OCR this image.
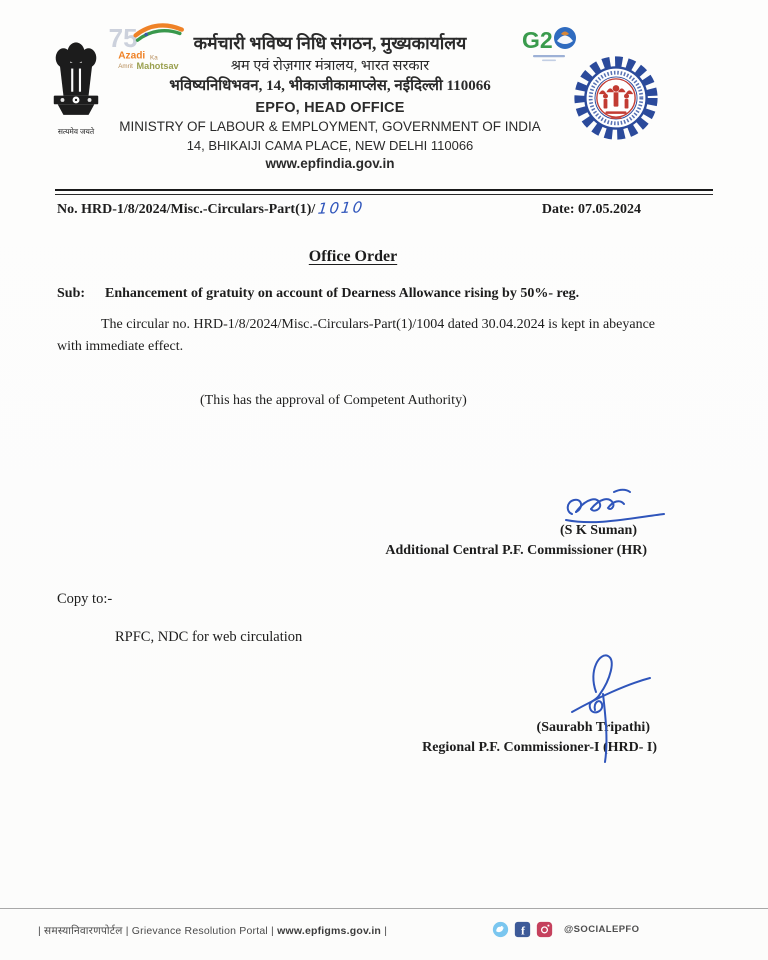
सत्यमेव जयते
75
Azadi Ka
Amrit Mahotsav
कर्मचारी भविष्य निधि संगठन, मुख्यकार्यालय
श्रम एवं रोज़गार मंत्रालय, भारत सरकार
भविष्यनिधिभवन, 14, भीकाजीकामाप्लेस, नईदिल्ली 110066
EPFO, HEAD OFFICE
MINISTRY OF LABOUR & EMPLOYMENT, GOVERNMENT OF INDIA
14, BHIKAIJI CAMA PLACE, NEW DELHI 110066
www.epfindia.gov.in
G2
No. HRD-1/8/2024/Misc.-Circulars-Part(1)/ 1010	Date: 07.05.2024
Office Order
Sub: Enhancement of gratuity on account of Dearness Allowance rising by 50%- reg.
The circular no. HRD-1/8/2024/Misc.-Circulars-Part(1)/1004 dated 30.04.2024 is kept in abeyance with immediate effect.
(This has the approval of Competent Authority)
(S K Suman)
Additional Central P.F. Commissioner (HR)
Copy to:-
RPFC, NDC for web circulation
(Saurabh Tripathi)
Regional P.F. Commissioner-I (HRD- I)
| समस्यानिवारणपोर्टल | Grievance Resolution Portal | www.epfigms.gov.in |	f	@SOCIALEPFO
